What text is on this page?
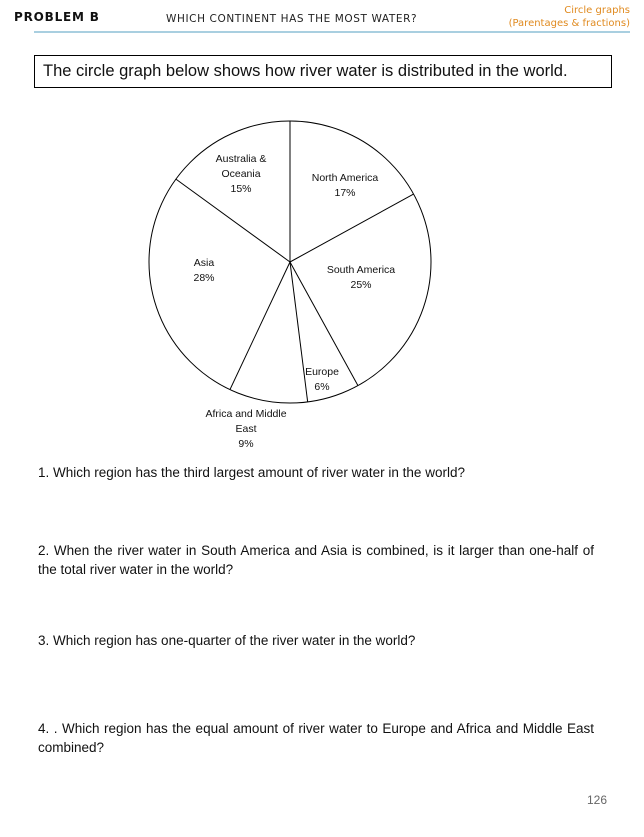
PROBLEM B	WHICH CONTINENT HAS THE MOST WATER?
Circle graphs
(Parentages & fractions)
The circle graph below shows how river water is distributed in the world.
Australia &
Oceania
15%
North America
17%
South America
25%
Asia
28%
Europe
6%
Africa and Middle
East
9%
1. Which region has the third largest amount of river water in the world?
2. When the river water in South America and Asia is combined, is it larger than one-half of the total river water in the world?
3. Which region has one-quarter of the river water in the world?
4. . Which region has the equal amount of river water to Europe and Africa and Middle East combined?
126
